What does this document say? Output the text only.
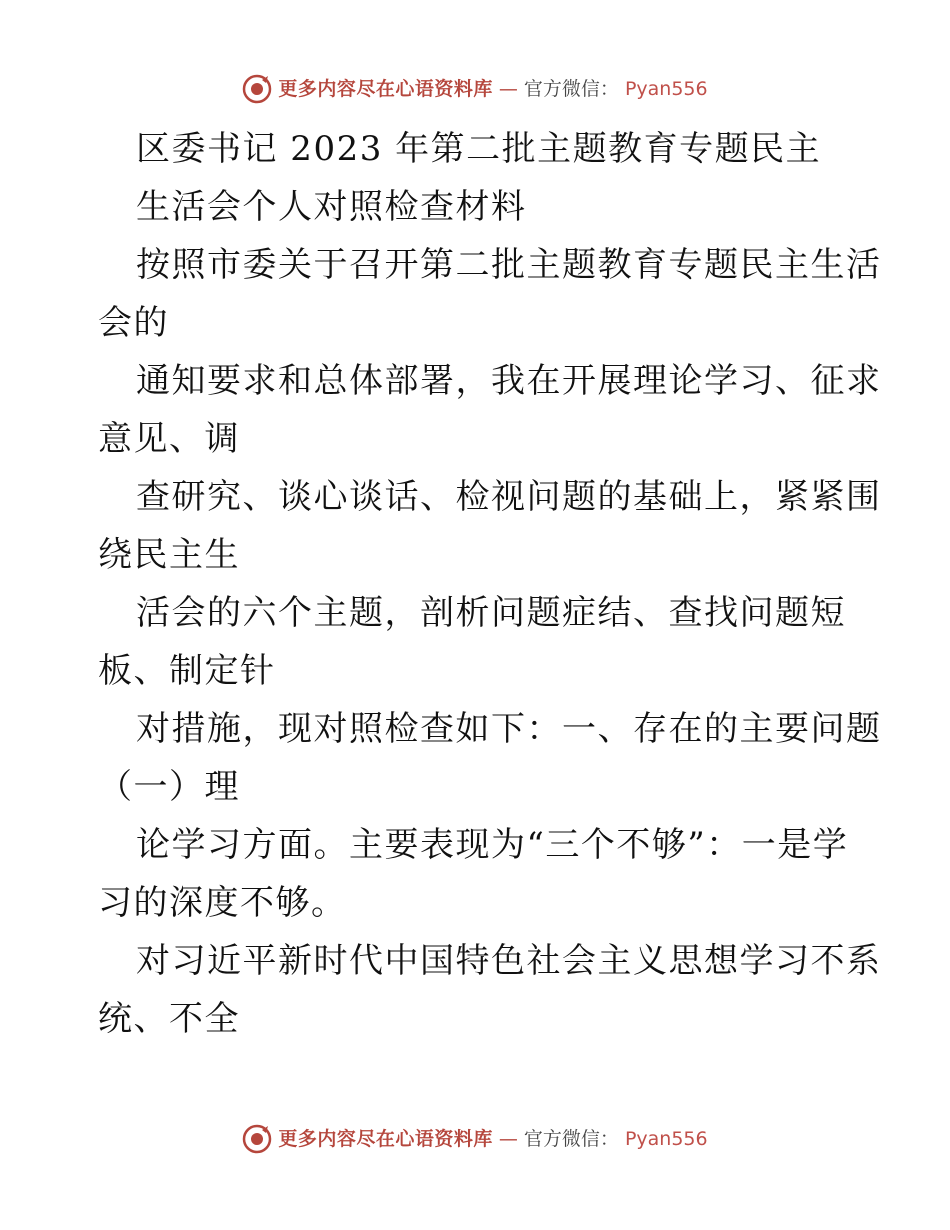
更多内容尽在心语资料库 — 官方微信： Pyan556
区委书记 2023 年第二批主题教育专题民主
生活会个人对照检查材料
按照市委关于召开第二批主题教育专题民主生活
会的
通知要求和总体部署，我在开展理论学习、征求
意见、调
查研究、谈心谈话、检视问题的基础上，紧紧围
绕民主生
活会的六个主题，剖析问题症结、查找问题短
板、制定针
对措施，现对照检查如下：一、存在的主要问题
（一）理
论学习方面。主要表现为“三个不够”：一是学
习的深度不够。
对习近平新时代中国特色社会主义思想学习不系
统、不全
更多内容尽在心语资料库 — 官方微信： Pyan556
